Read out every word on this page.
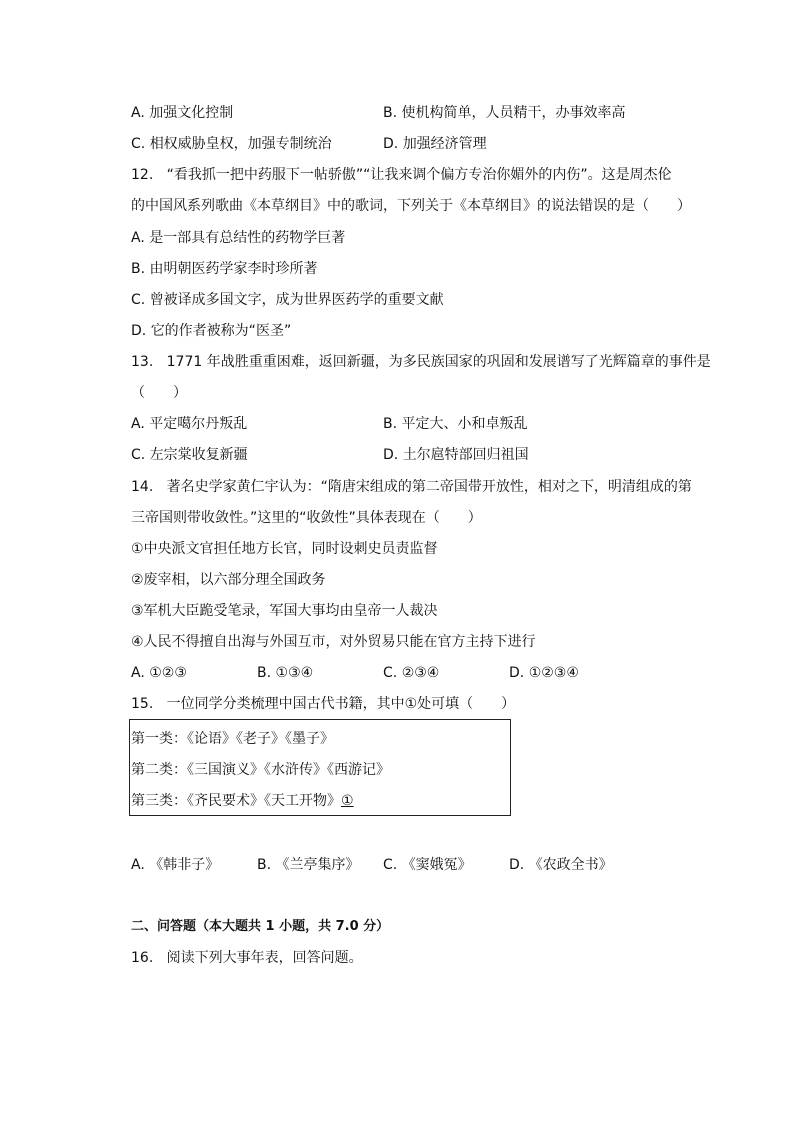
A. 加强文化控制	B. 使机构简单，人员精干，办事效率高
C. 相权威胁皇权，加强专制统治	D. 加强经济管理
12. “看我抓一把中药服下一帖骄傲”“让我来调个偏方专治你媚外的内伤”。这是周杰伦
的中国风系列歌曲《本草纲目》中的歌词，下列关于《本草纲目》的说法错误的是（　　）
A. 是一部具有总结性的药物学巨著
B. 由明朝医药学家李时珍所著
C. 曾被译成多国文字，成为世界医药学的重要文献
D. 它的作者被称为“医圣”
13. 1771 年战胜重重困难，返回新疆，为多民族国家的巩固和发展谱写了光辉篇章的事件是
（　　）
A. 平定噶尔丹叛乱	B. 平定大、小和卓叛乱
C. 左宗棠收复新疆	D. 土尔扈特部回归祖国
14. 著名史学家黄仁宇认为：“隋唐宋组成的第二帝国带开放性，相对之下，明清组成的第
三帝国则带收敛性。”这里的“收敛性”具体表现在（　　）
①中央派文官担任地方长官，同时设刺史员责监督
②废宰相，以六部分理全国政务
③军机大臣跪受笔录，军国大事均由皇帝一人裁决
④人民不得擅自出海与外国互市，对外贸易只能在官方主持下进行
A. ①②③	B. ①③④	C. ②③④	D. ①②③④
15. 一位同学分类梳理中国古代书籍，其中①处可填（　　）
第一类：《论语》《老子》《墨子》
第二类：《三国演义》《水浒传》《西游记》
第三类：《齐民要术》《天工开物》①
A. 《韩非子》	B. 《兰亭集序》 C. 《窦娥冤》	D. 《农政全书》
二、问答题（本大题共 1 小题，共 7.0 分）
16. 阅读下列大事年表，回答问题。
